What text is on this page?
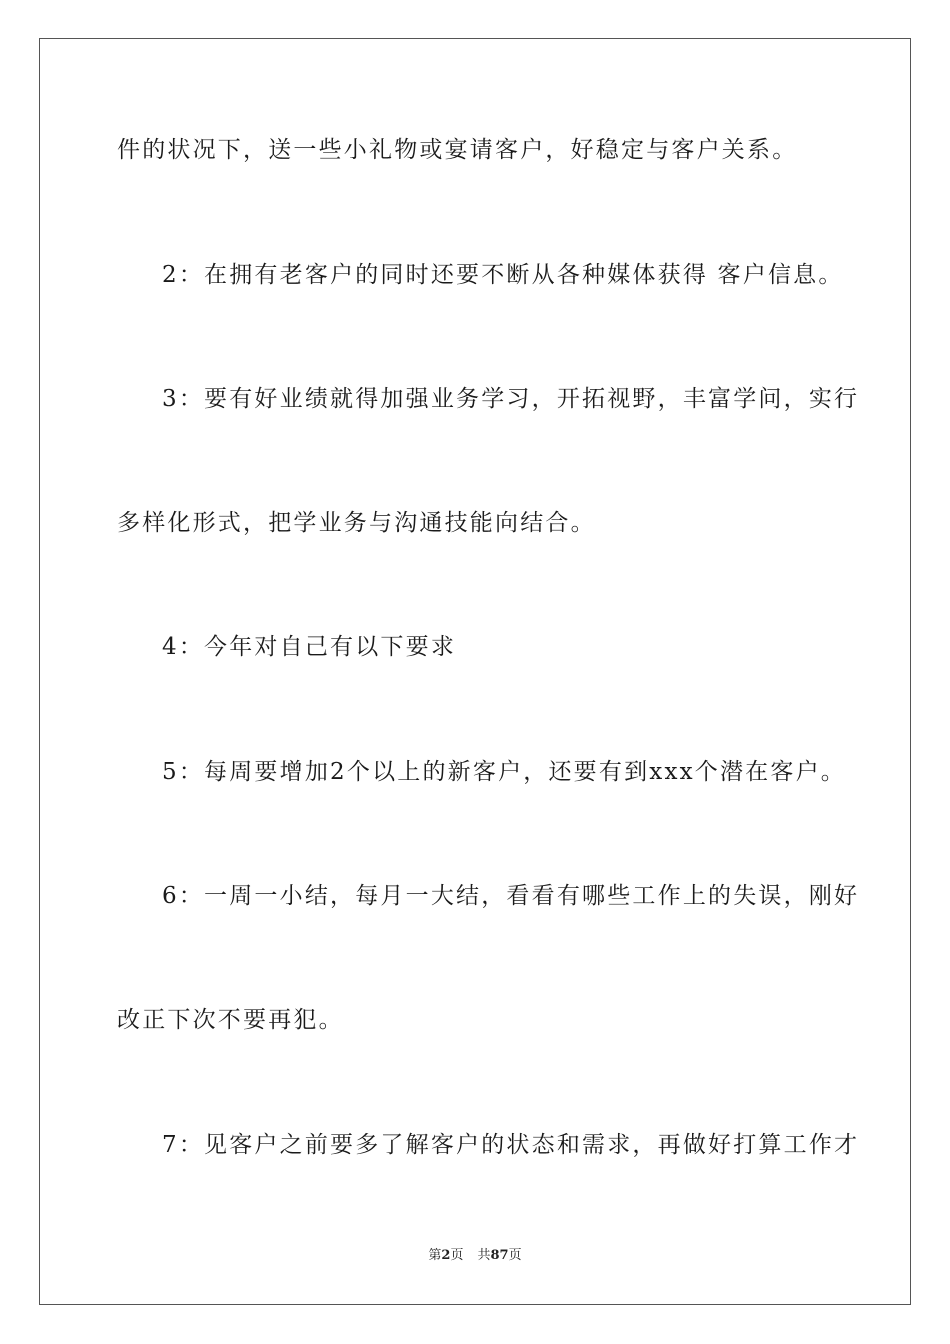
件的状况下，送一些小礼物或宴请客户，好稳定与客户关系。
2：在拥有老客户的同时还要不断从各种媒体获得 客户信息。
3：要有好业绩就得加强业务学习，开拓视野，丰富学问，实行
多样化形式，把学业务与沟通技能向结合。
4：今年对自己有以下要求
5：每周要增加2个以上的新客户，还要有到xxx个潜在客户。
6：一周一小结，每月一大结，看看有哪些工作上的失误，刚好
改正下次不要再犯。
7：见客户之前要多了解客户的状态和需求，再做好打算工作才
第2页 共87页
